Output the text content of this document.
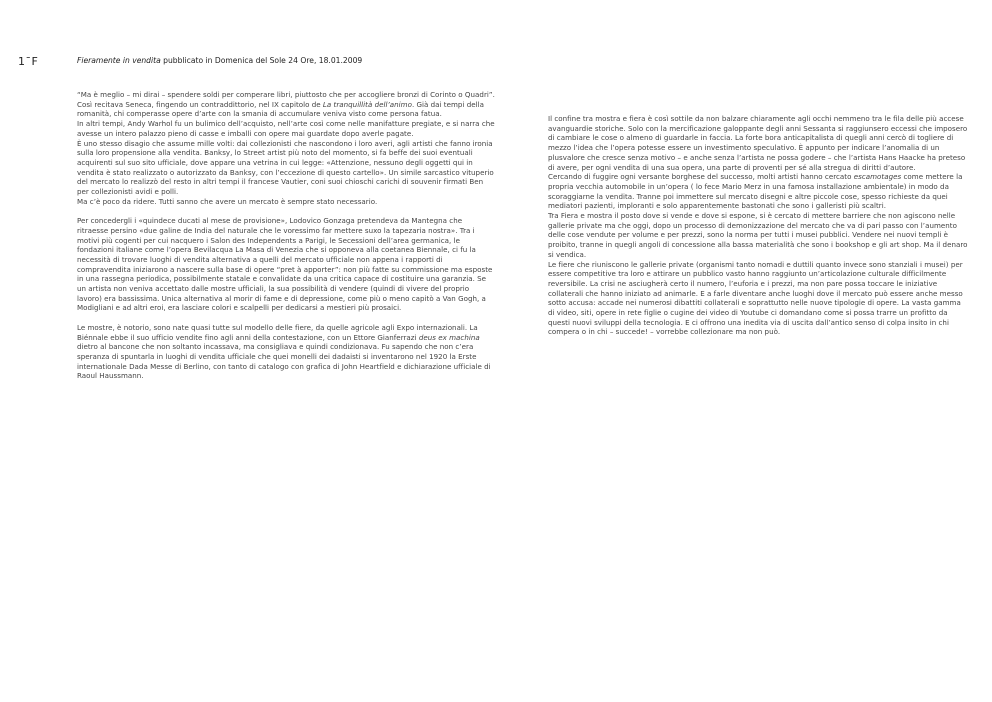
1¯F	Fieramente in vendita pubblicato in Domenica del Sole 24 Ore, 18.01.2009

“Ma è meglio – mi dirai – spendere soldi per comperare libri, piuttosto che per accogliere bronzi di Corinto o Quadri”. Così recitava Seneca, fingendo un contraddittorio, nel IX capitolo de La tranquillità dell’animo. Già dai tempi della romanità, chi comperasse opere d’arte con la smania di accumulare veniva visto come persona fatua.

In altri tempi, Andy Warhol fu un bulimico dell’acquisto, nell’arte così come nelle manifatture pregiate, e si narra che avesse un intero palazzo pieno di casse e imballi con opere mai guardate dopo averle pagate.

È uno stesso disagio che assume mille volti: dai collezionisti che nascondono i loro averi, agli artisti che fanno ironia sulla loro propensione alla vendita. Banksy, lo Street artist più noto del momento, si fa beffe dei suoi eventuali acquirenti sul suo sito ufficiale, dove appare una vetrina in cui legge: «Attenzione, nessuno degli oggetti qui in vendita è stato realizzato o autorizzato da Banksy, con l’eccezione di questo cartello». Un simile sarcastico vituperio del mercato lo realizzò del resto in altri tempi il francese Vautier, coni suoi chioschi carichi di souvenir firmati Ben per collezionisti avidi e polli.

Ma c’è poco da ridere. Tutti sanno che avere un mercato è sempre stato necessario.

Per concedergli i «quindece ducati al mese de provisione», Lodovico Gonzaga pretendeva da Mantegna che ritraesse persino «due galine de India del naturale che le voressimo far mettere suxo la tapezaria nostra». Tra i motivi più cogenti per cui nacquero i Salon des Independents a Parigi, le Secessioni dell’area germanica, le fondazioni italiane come l’opera Bevilacqua La Masa di Venezia che si opponeva alla coetanea Biennale, ci fu la necessità di trovare luoghi di vendita alternativa a quelli del mercato ufficiale non appena i rapporti di compravendita iniziarono a nascere sulla base di opere “pret à apporter”: non più fatte su commissione ma esposte in una rassegna periodica, possibilmente statale e convalidate da una critica capace di costituire una garanzia. Se un artista non veniva accettato dalle mostre ufficiali, la sua possibilità di vendere (quindi di vivere del proprio lavoro) era bassissima. Unica alternativa al morir di fame e di depressione, come più o meno capitò a Van Gogh, a Modigliani e ad altri eroi, era lasciare colori e scalpelli per dedicarsi a mestieri più prosaici.

Le mostre, è notorio, sono nate quasi tutte sul modello delle fiere, da quelle agricole agli Expo internazionali. La Biénnale ebbe il suo ufficio vendite fino agli anni della contestazione, con un Ettore Gianferrazi deus ex machina dietro al bancone che non soltanto incassava, ma consigliava e quindi condizionava. Fu sapendo che non c’era speranza di spuntarla in luoghi di vendita ufficiale che quei monelli dei dadaisti si inventarono nel 1920 la Erste internationale Dada Messe di Berlino, con tanto di catalogo con grafica di John Heartfield e dichiarazione ufficiale di Raoul Haussmann.

Il confine tra mostra e fiera è così sottile da non balzare chiaramente agli occhi nemmeno tra le fila delle più accese avanguardie storiche. Solo con la mercificazione galoppante degli anni Sessanta si raggiunsero eccessi che imposero di cambiare le cose o almeno di guardarle in faccia. La forte bora anticapitalista di quegli anni cercò di togliere di mezzo l’idea che l’opera potesse essere un investimento speculativo. È appunto per indicare l’anomalia di un plusvalore che cresce senza motivo – e anche senza l’artista ne possa godere – che l’artista Hans Haacke ha preteso di avere, per ogni vendita di una sua opera, una parte di proventi per sé alla stregua di diritti d’autore.

Cercando di fuggire ogni versante borghese del successo, molti artisti hanno cercato escamotages come mettere la propria vecchia automobile in un’opera ( lo fece Mario Merz in una famosa installazione ambientale) in modo da scoraggiarne la vendita. Tranne poi immettere sul mercato disegni e altre piccole cose, spesso richieste da quei mediatori pazienti, imploranti e solo apparentemente bastonati che sono i galleristi più scaltri.

Tra Fiera e mostra il posto dove si vende e dove si espone, si è cercato di mettere barriere che non agiscono nelle gallerie private ma che oggi, dopo un processo di demonizzazione del mercato che va di pari passo con l’aumento delle cose vendute per volume e per prezzi, sono la norma per tutti i musei pubblici. Vendere nei nuovi templi è proibito, tranne in quegli angoli di concessione alla bassa materialità che sono i bookshop e gli art shop. Ma il denaro si vendica.

Le fiere che riuniscono le gallerie private (organismi tanto nomadi e duttili quanto invece sono stanziali i musei) per essere competitive tra loro e attirare un pubblico vasto hanno raggiunto un’articolazione culturale difficilmente reversibile. La crisi ne asciugherà certo il numero, l’euforia e i prezzi, ma non pare possa toccare le iniziative collaterali che hanno iniziato ad animarle. E a farle diventare anche luoghi dove il mercato può essere anche messo sotto accusa: accade nei numerosi dibattiti collaterali e soprattutto nelle nuove tipologie di opere. La vasta gamma di video, siti, opere in rete figlie o cugine dei video di Youtube ci domandano come si possa trarre un profitto da questi nuovi sviluppi della tecnologia. E ci offrono una inedita via di uscita dall’antico senso di colpa insito in chi compera o in chi – succede! – vorrebbe collezionare ma non può.
